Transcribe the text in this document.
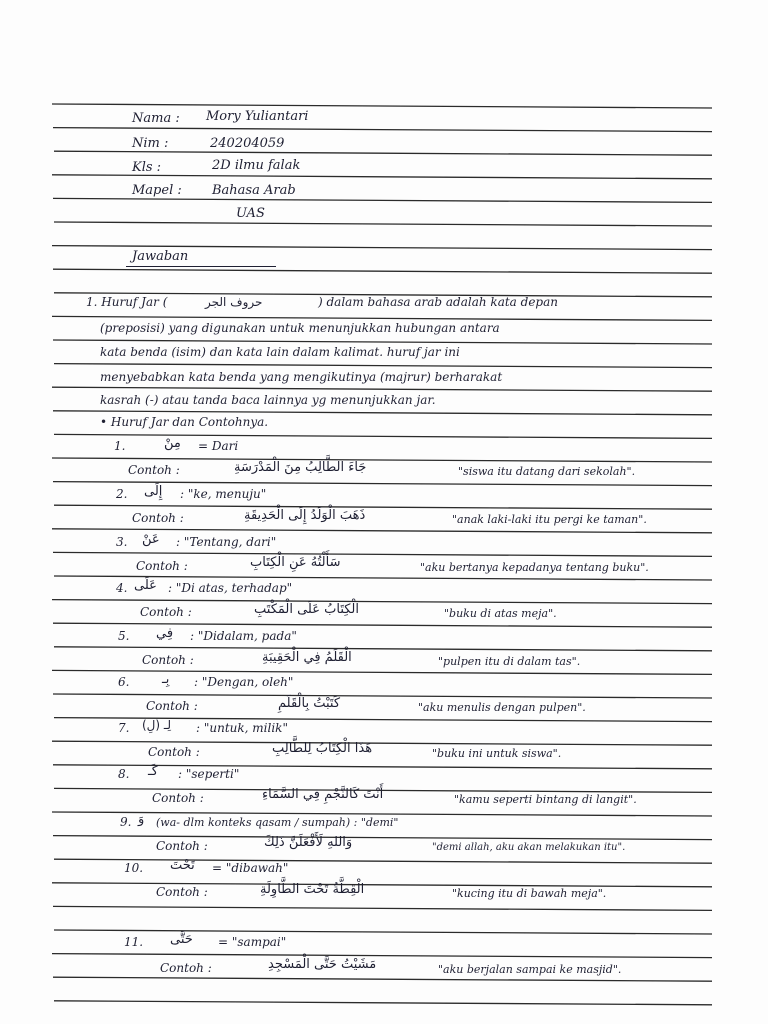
Nama : Mory Yuliantari
Nim :	240204059
Kls :	2D ilmu falak
Mapel : Bahasa Arab
UAS
Jawaban
1. Huruf Jar (	حروف الجر	) dalam bahasa arab adalah kata depan
(preposisi) yang digunakan untuk menunjukkan hubungan antara
kata benda (isim) dan kata lain dalam kalimat. huruf jar ini
menyebabkan kata benda yang mengikutinya (majrur) berharakat
kasrah (-) atau tanda baca lainnya yg menunjukkan jar.
• Huruf Jar dan Contohnya.
1.	مِنْ = Dari
Contoh :	جَاءَ الطَّالِبُ مِنَ الْمَدْرَسَةِ	"siswa itu datang dari sekolah".
2. إِلَى : "ke, menuju"
Contoh :	ذَهَبَ الْوَلَدُ إِلَى الْحَدِيقَةِ	"anak laki-laki itu pergi ke taman".
3. عَنْ : "Tentang, dari"
Contoh :	سَأَلْتُهُ عَنِ الْكِتَابِ	"aku bertanya kepadanya tentang buku".
4. عَلَى : "Di atas, terhadap"
Contoh :	الْكِتَابُ عَلَى الْمَكْتَبِ	"buku di atas meja".
5. فِي : "Didalam, pada"
Contoh :	الْقَلَمُ فِي الْحَقِيبَةِ	"pulpen itu di dalam tas".
6.	بِـ : "Dengan, oleh"
Contoh :	كَتَبْتُ بِالْقَلَمِ	"aku menulis dengan pulpen".
7. لِـ (لِ) : "untuk, milik"
Contoh :	هَذَا الْكِتَابُ لِلطَّالِبِ	"buku ini untuk siswa".
8. كَـ : "seperti"
Contoh :	أَنْتَ كَالنَّجْمِ فِي السَّمَاءِ	"kamu seperti bintang di langit".
9. وَ (wa- dlm konteks qasam / sumpah) : "demi"
Contoh :	وَاللهِ لَأَفْعَلَنَّ ذَلِكَ	"demi allah, aku akan melakukan itu".
10. تَحْتَ = "dibawah"
Contoh :	الْقِطَّةُ تَحْتَ الطَّاوِلَةِ	"kucing itu di bawah meja".
11. حَتَّى = "sampai"
Contoh :	مَشَيْتُ حَتَّى الْمَسْجِدِ	"aku berjalan sampai ke masjid".
